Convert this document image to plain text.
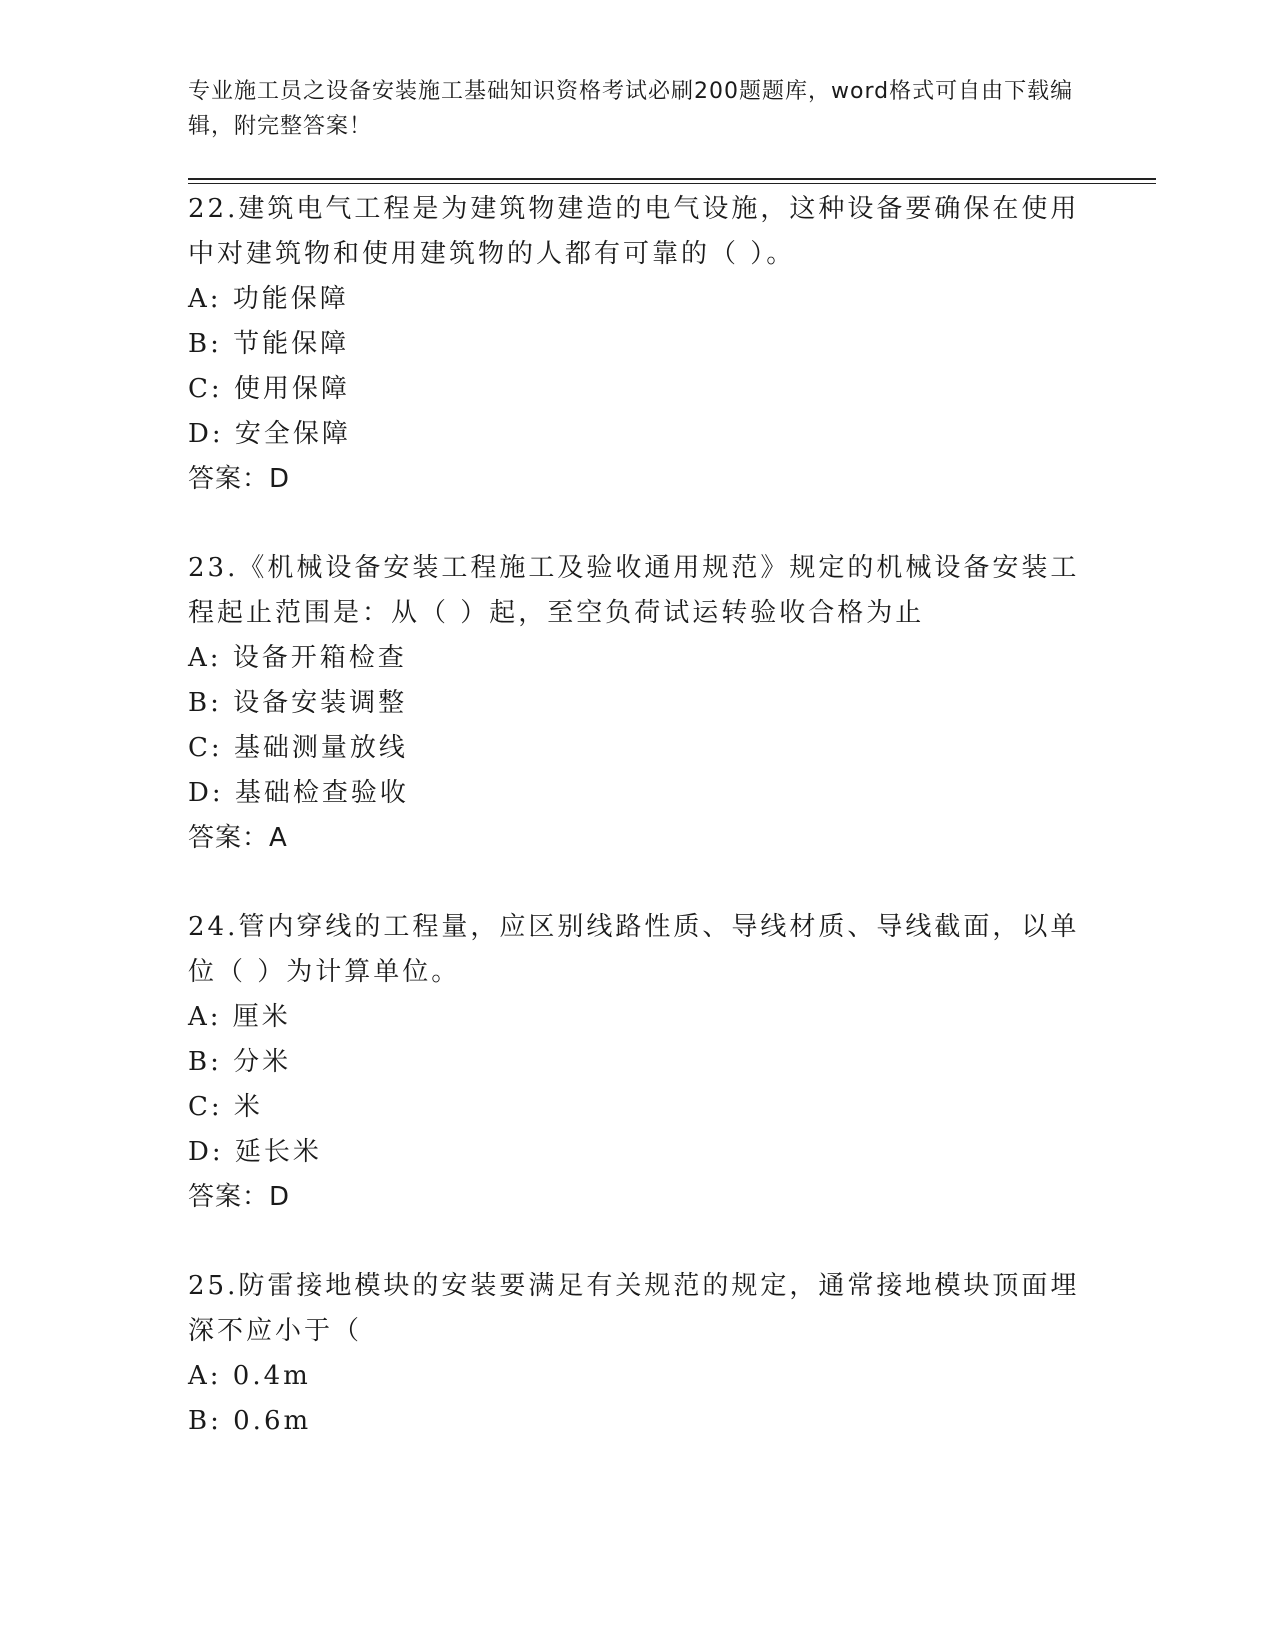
专业施工员之设备安装施工基础知识资格考试必刷200题题库，word格式可自由下载编辑，附完整答案！

22.建筑电气工程是为建筑物建造的电气设施，这种设备要确保在使用中对建筑物和使用建筑物的人都有可靠的（ ）。

A: 功能保障

B: 节能保障

C: 使用保障

D: 安全保障

答案：D

23.《机械设备安装工程施工及验收通用规范》规定的机械设备安装工程起止范围是：从（ ）起，至空负荷试运转验收合格为止

A: 设备开箱检查

B: 设备安装调整

C: 基础测量放线

D: 基础检查验收

答案：A

24.管内穿线的工程量，应区别线路性质、导线材质、导线截面，以单位（ ）为计算单位。

A: 厘米

B: 分米

C: 米

D: 延长米

答案：D

25.防雷接地模块的安装要满足有关规范的规定，通常接地模块顶面埋深不应小于（

A: 0.4m

B: 0.6m
